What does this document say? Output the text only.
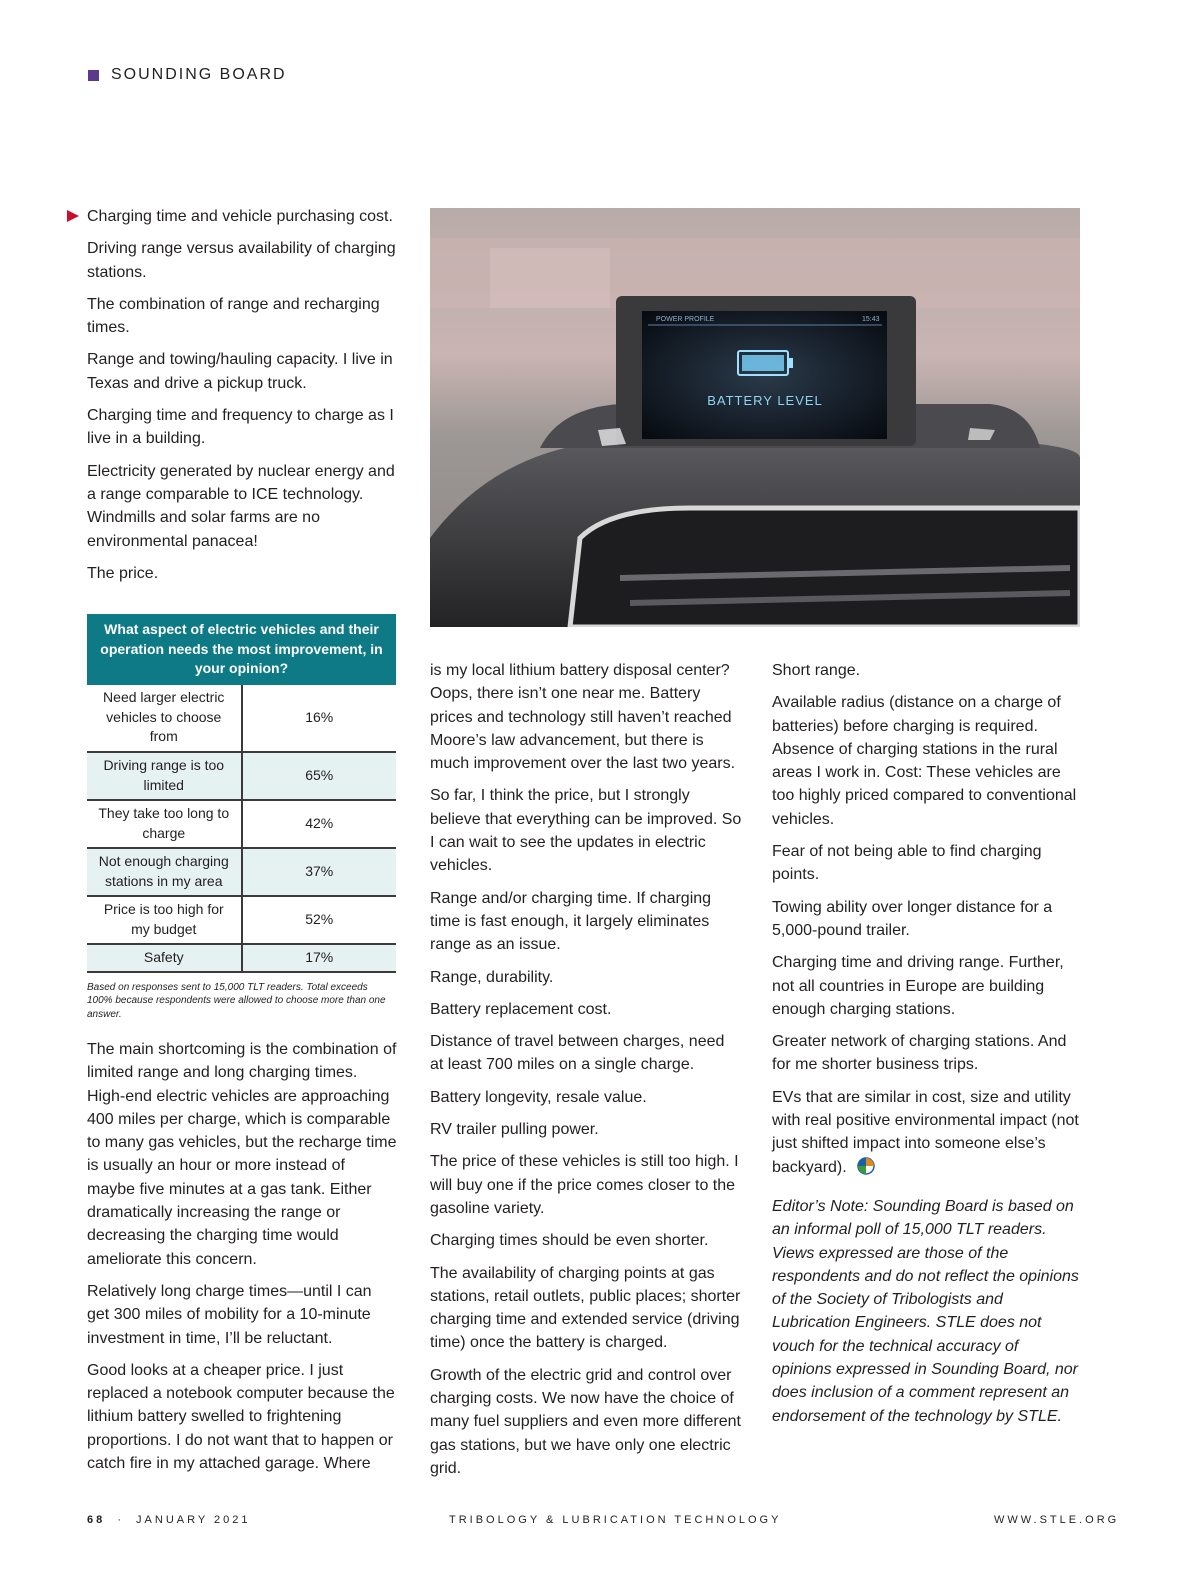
SOUNDING BOARD

Charging time and vehicle purchasing cost.

Driving range versus availability of charging stations.

The combination of range and recharging times.

Range and towing/hauling capacity. I live in Texas and drive a pickup truck.

Charging time and frequency to charge as I live in a building.

Electricity generated by nuclear energy and a range comparable to ICE technology. Windmills and solar farms are no environmental panacea!

The price.

What aspect of electric vehicles and their operation needs the most improvement, in your opinion?
Need larger electric vehicles to choose from	16%
Driving range is too limited	65%
They take too long to charge	42%
Not enough charging stations in my area	37%
Price is too high for my budget	52%
Safety	17%
Based on responses sent to 15,000 TLT readers. Total exceeds 100% because respondents were allowed to choose more than one answer.

The main shortcoming is the combination of limited range and long charging times. High-end electric vehicles are approaching 400 miles per charge, which is comparable to many gas vehicles, but the recharge time is usually an hour or more instead of maybe five minutes at a gas tank. Either dramatically increasing the range or decreasing the charging time would ameliorate this concern.

Relatively long charge times—until I can get 300 miles of mobility for a 10-minute investment in time, I’ll be reluctant.

Good looks at a cheaper price. I just replaced a notebook computer because the lithium battery swelled to frightening proportions. I do not want that to happen or catch fire in my attached garage. Where

POWER PROFILE	15:43
BATTERY LEVEL

is my local lithium battery disposal center? Oops, there isn’t one near me. Battery prices and technology still haven’t reached Moore’s law advancement, but there is much improvement over the last two years.

So far, I think the price, but I strongly believe that everything can be improved. So I can wait to see the updates in electric vehicles.

Range and/or charging time. If charging time is fast enough, it largely eliminates range as an issue.

Range, durability.

Battery replacement cost.

Distance of travel between charges, need at least 700 miles on a single charge.

Battery longevity, resale value.

RV trailer pulling power.

The price of these vehicles is still too high. I will buy one if the price comes closer to the gasoline variety.

Charging times should be even shorter.

The availability of charging points at gas stations, retail outlets, public places; shorter charging time and extended service (driving time) once the battery is charged.

Growth of the electric grid and control over charging costs. We now have the choice of many fuel suppliers and even more different gas stations, but we have only one electric grid.

Short range.

Available radius (distance on a charge of batteries) before charging is required. Absence of charging stations in the rural areas I work in. Cost: These vehicles are too highly priced compared to conventional vehicles.

Fear of not being able to find charging points.

Towing ability over longer distance for a 5,000-pound trailer.

Charging time and driving range. Further, not all countries in Europe are building enough charging stations.

Greater network of charging stations. And for me shorter business trips.

EVs that are similar in cost, size and utility with real positive environmental impact (not just shifted impact into someone else’s backyard).

Editor’s Note: Sounding Board is based on an informal poll of 15,000 TLT readers. Views expressed are those of the respondents and do not reflect the opinions of the Society of Tribologists and Lubrication Engineers. STLE does not vouch for the technical accuracy of opinions expressed in Sounding Board, nor does inclusion of a comment represent an endorsement of the technology by STLE.

68 · JANUARY 2021	TRIBOLOGY & LUBRICATION TECHNOLOGY	WWW.STLE.ORG
